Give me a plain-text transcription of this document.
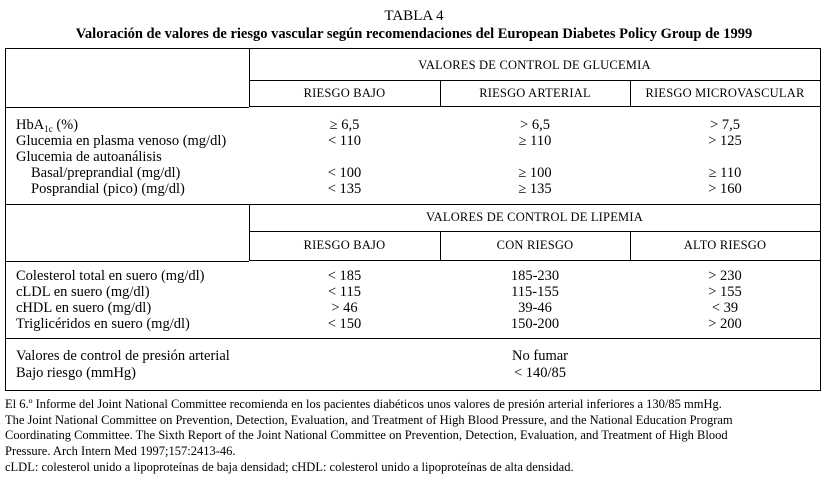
TABLA 4
Valoración de valores de riesgo vascular según recomendaciones del European Diabetes Policy Group de 1999
VALORES DE CONTROL DE GLUCEMIA
RIESGO BAJO	RIESGO ARTERIAL	RIESGO MICROVASCULAR
HbA$_{1c}$ (%)	≥ 6,5	> 6,5	> 7,5
Glucemia en plasma venoso (mg/dl)	< 110	≥ 110	> 125
Glucemia de autoanálisis
Basal/preprandial (mg/dl)	< 100	≥ 100	≥ 110
Posprandial (pico) (mg/dl)	< 135	≥ 135	> 160
VALORES DE CONTROL DE LIPEMIA
RIESGO BAJO	CON RIESGO	ALTO RIESGO
Colesterol total en suero (mg/dl)	< 185	185-230	> 230
cLDL en suero (mg/dl)	< 115	115-155	> 155
cHDL en suero (mg/dl)	> 46	39-46	< 39
Triglicéridos en suero (mg/dl)	< 150	150-200	> 200
Valores de control de presión arterial	No fumar
Bajo riesgo (mmHg)	< 140/85
El 6.º Informe del Joint National Committee recomienda en los pacientes diabéticos unos valores de presión arterial inferiores a 130/85 mmHg.
The Joint National Committee on Prevention, Detection, Evaluation, and Treatment of High Blood Pressure, and the National Education Program
Coordinating Committee. The Sixth Report of the Joint National Committee on Prevention, Detection, Evaluation, and Treatment of High Blood
Pressure. Arch Intern Med 1997;157:2413-46.
cLDL: colesterol unido a lipoproteínas de baja densidad; cHDL: colesterol unido a lipoproteínas de alta densidad.
